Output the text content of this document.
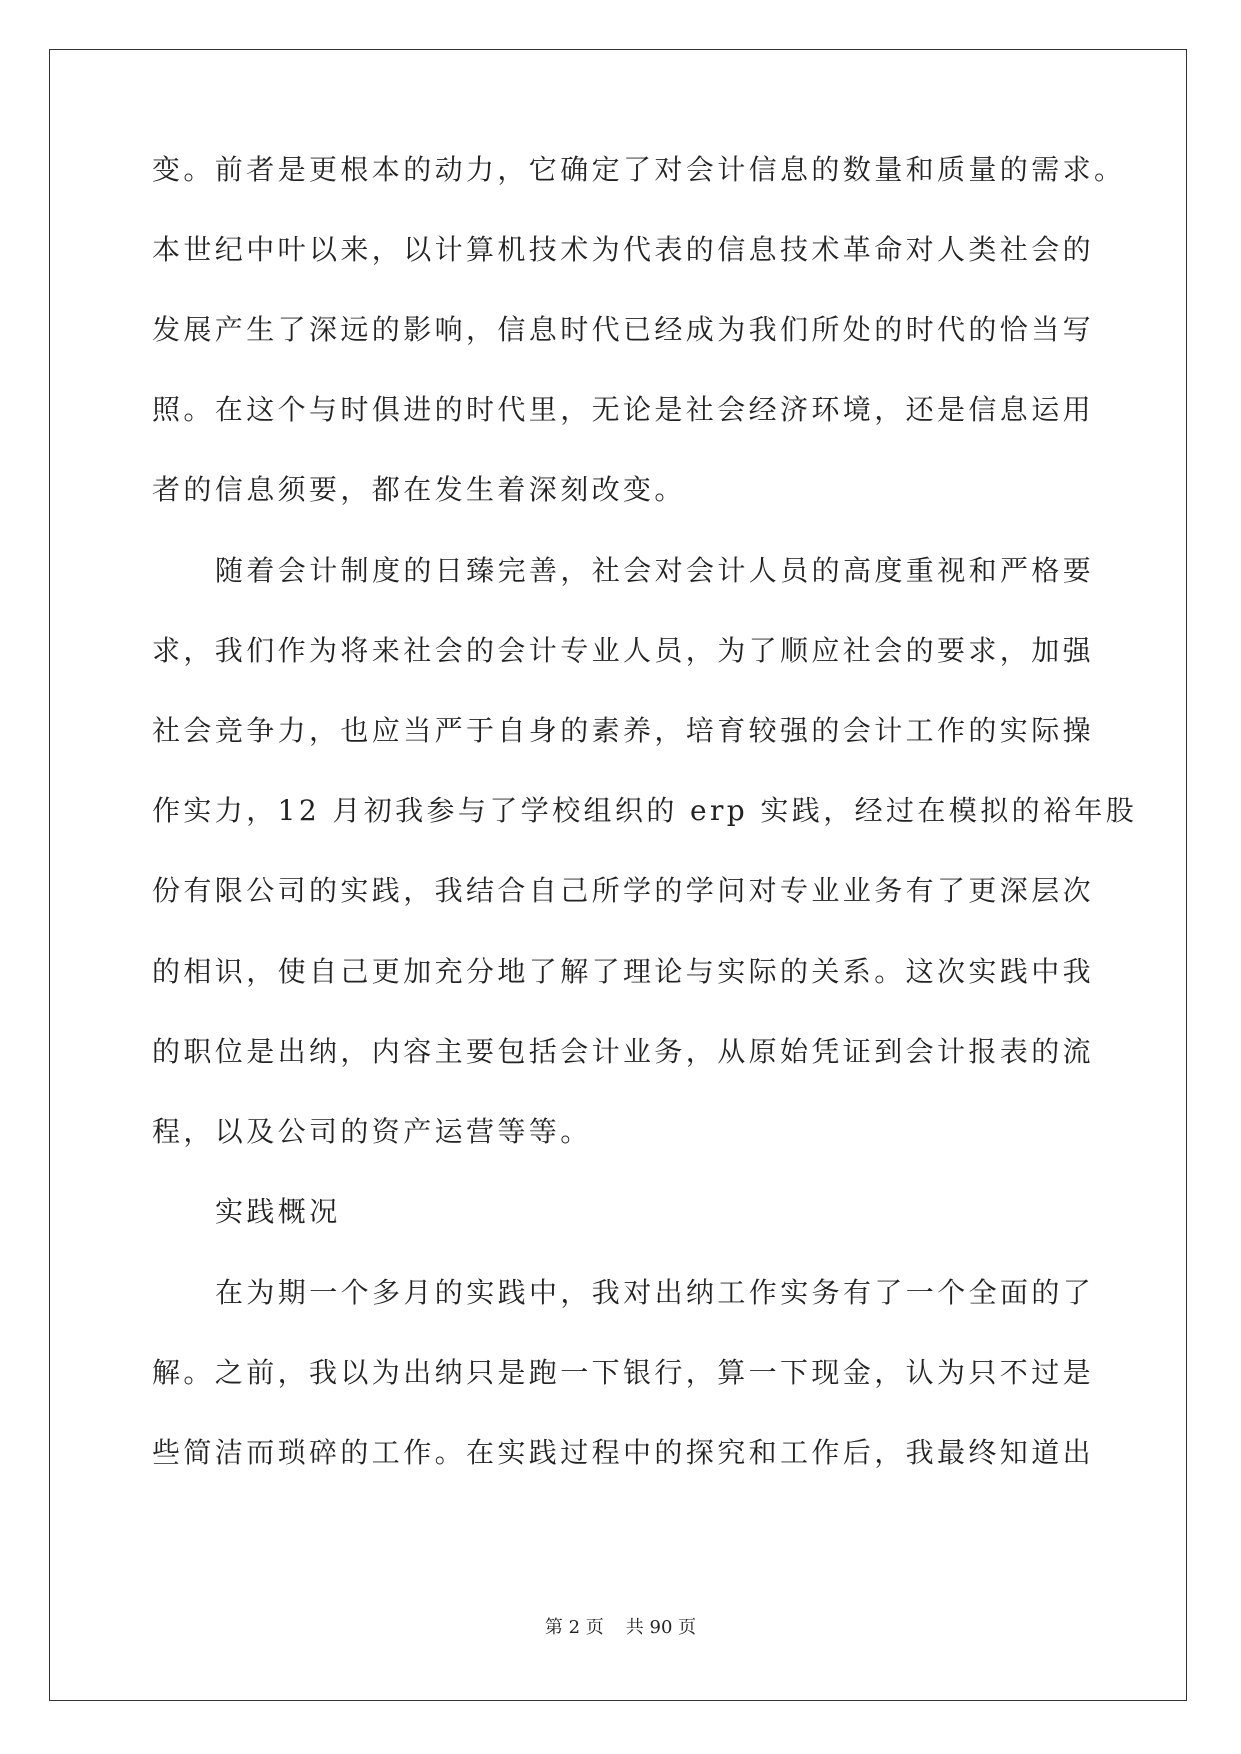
变。前者是更根本的动力，它确定了对会计信息的数量和质量的需求。
本世纪中叶以来，以计算机技术为代表的信息技术革命对人类社会的
发展产生了深远的影响，信息时代已经成为我们所处的时代的恰当写
照。在这个与时俱进的时代里，无论是社会经济环境，还是信息运用
者的信息须要，都在发生着深刻改变。
随着会计制度的日臻完善，社会对会计人员的高度重视和严格要
求，我们作为将来社会的会计专业人员，为了顺应社会的要求，加强
社会竞争力，也应当严于自身的素养，培育较强的会计工作的实际操
作实力，12 月初我参与了学校组织的 erp 实践，经过在模拟的裕年股
份有限公司的实践，我结合自己所学的学问对专业业务有了更深层次
的相识，使自己更加充分地了解了理论与实际的关系。这次实践中我
的职位是出纳，内容主要包括会计业务，从原始凭证到会计报表的流
程，以及公司的资产运营等等。
实践概况
在为期一个多月的实践中，我对出纳工作实务有了一个全面的了
解。之前，我以为出纳只是跑一下银行，算一下现金，认为只不过是
些简洁而琐碎的工作。在实践过程中的探究和工作后，我最终知道出
第 2 页 共 90 页
